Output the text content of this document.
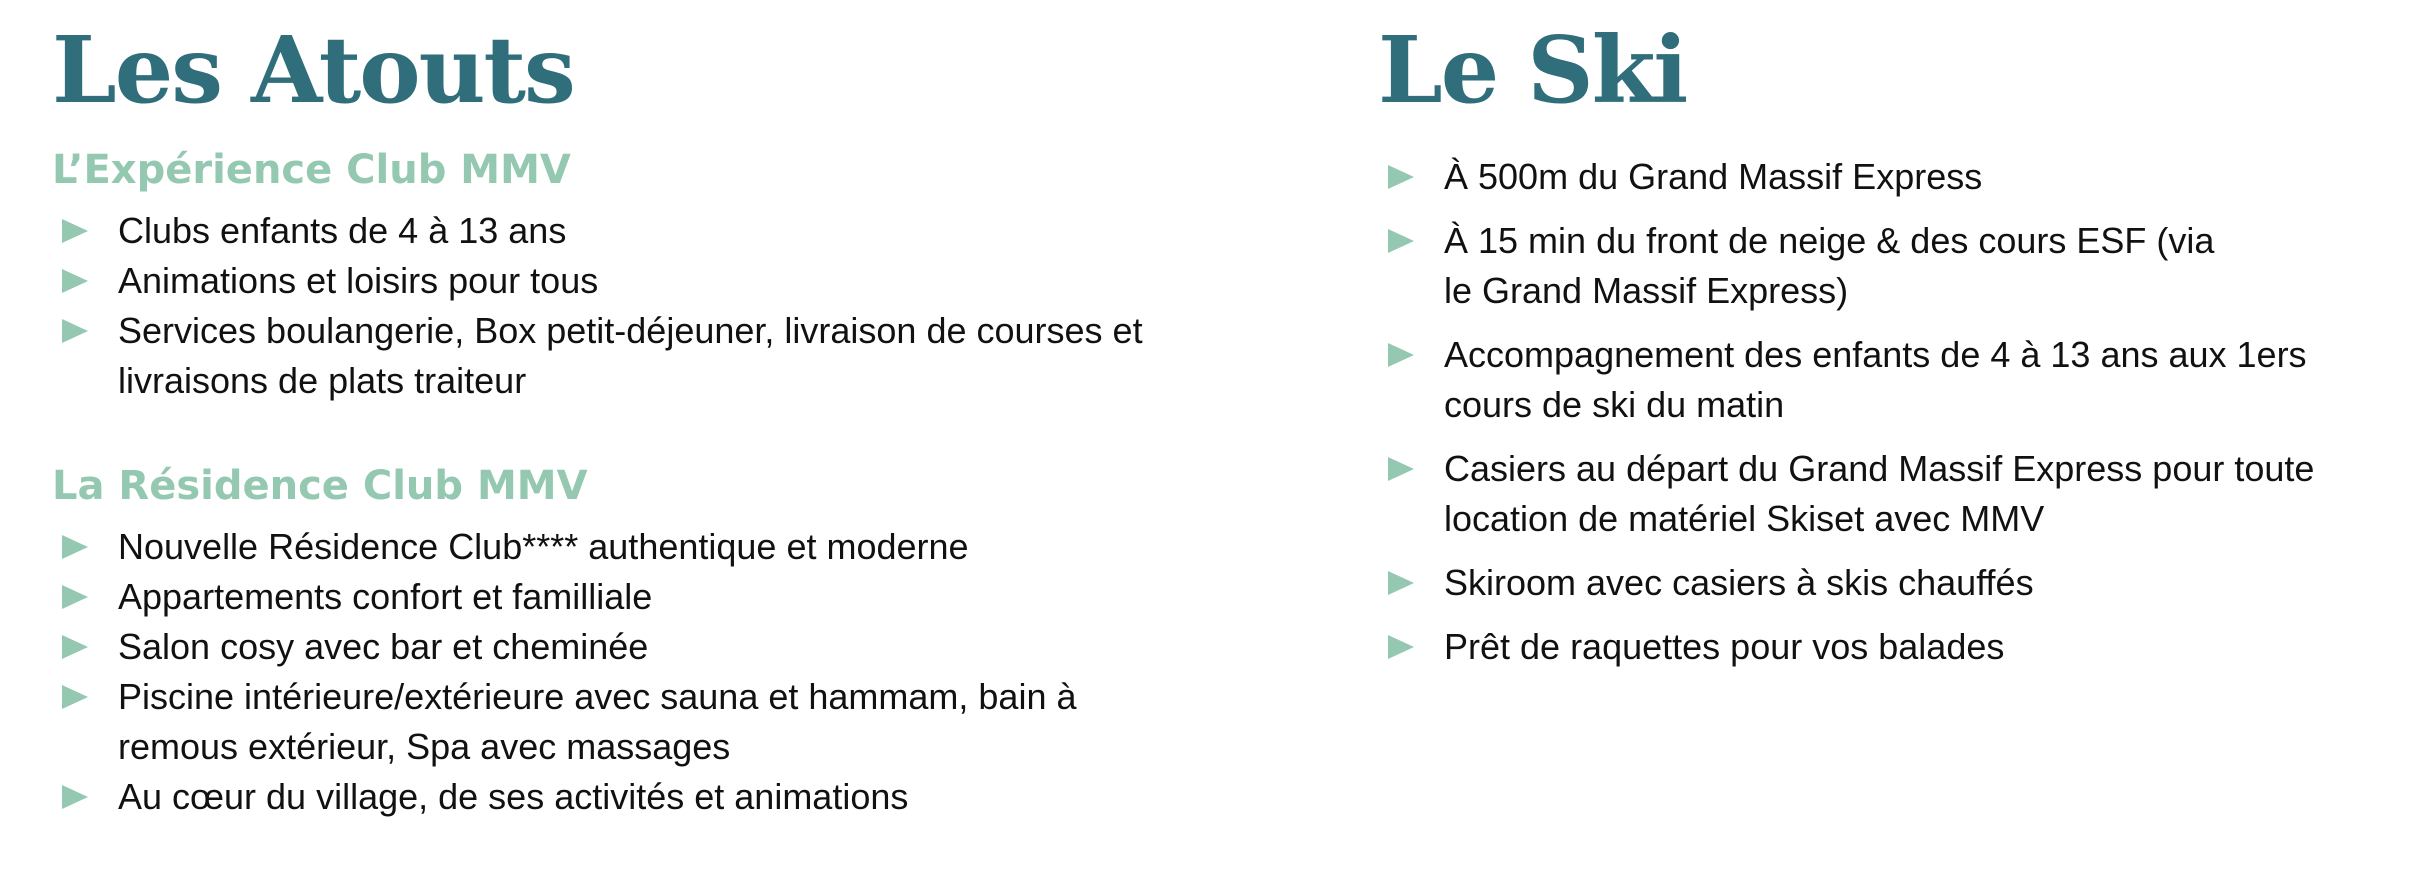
Les Atouts
L’Expérience Club MMV
Clubs enfants de 4 à 13 ans
Animations et loisirs pour tous
Services boulangerie, Box petit-déjeuner, livraison de courses et livraisons de plats traiteur
La Résidence Club MMV
Nouvelle Résidence Club**** authentique et moderne
Appartements confort et familliale
Salon cosy avec bar et cheminée
Piscine intérieure/extérieure avec sauna et hammam, bain à remous extérieur, Spa avec massages
Au cœur du village, de ses activités et animations
Le Ski
À 500m du Grand Massif Express
À 15 min du front de neige & des cours ESF (via le Grand Massif Express)
Accompagnement des enfants de 4 à 13 ans aux 1ers cours de ski du matin
Casiers au départ du Grand Massif Express pour toute location de matériel Skiset avec MMV
Skiroom avec casiers à skis chauffés
Prêt de raquettes pour vos balades
